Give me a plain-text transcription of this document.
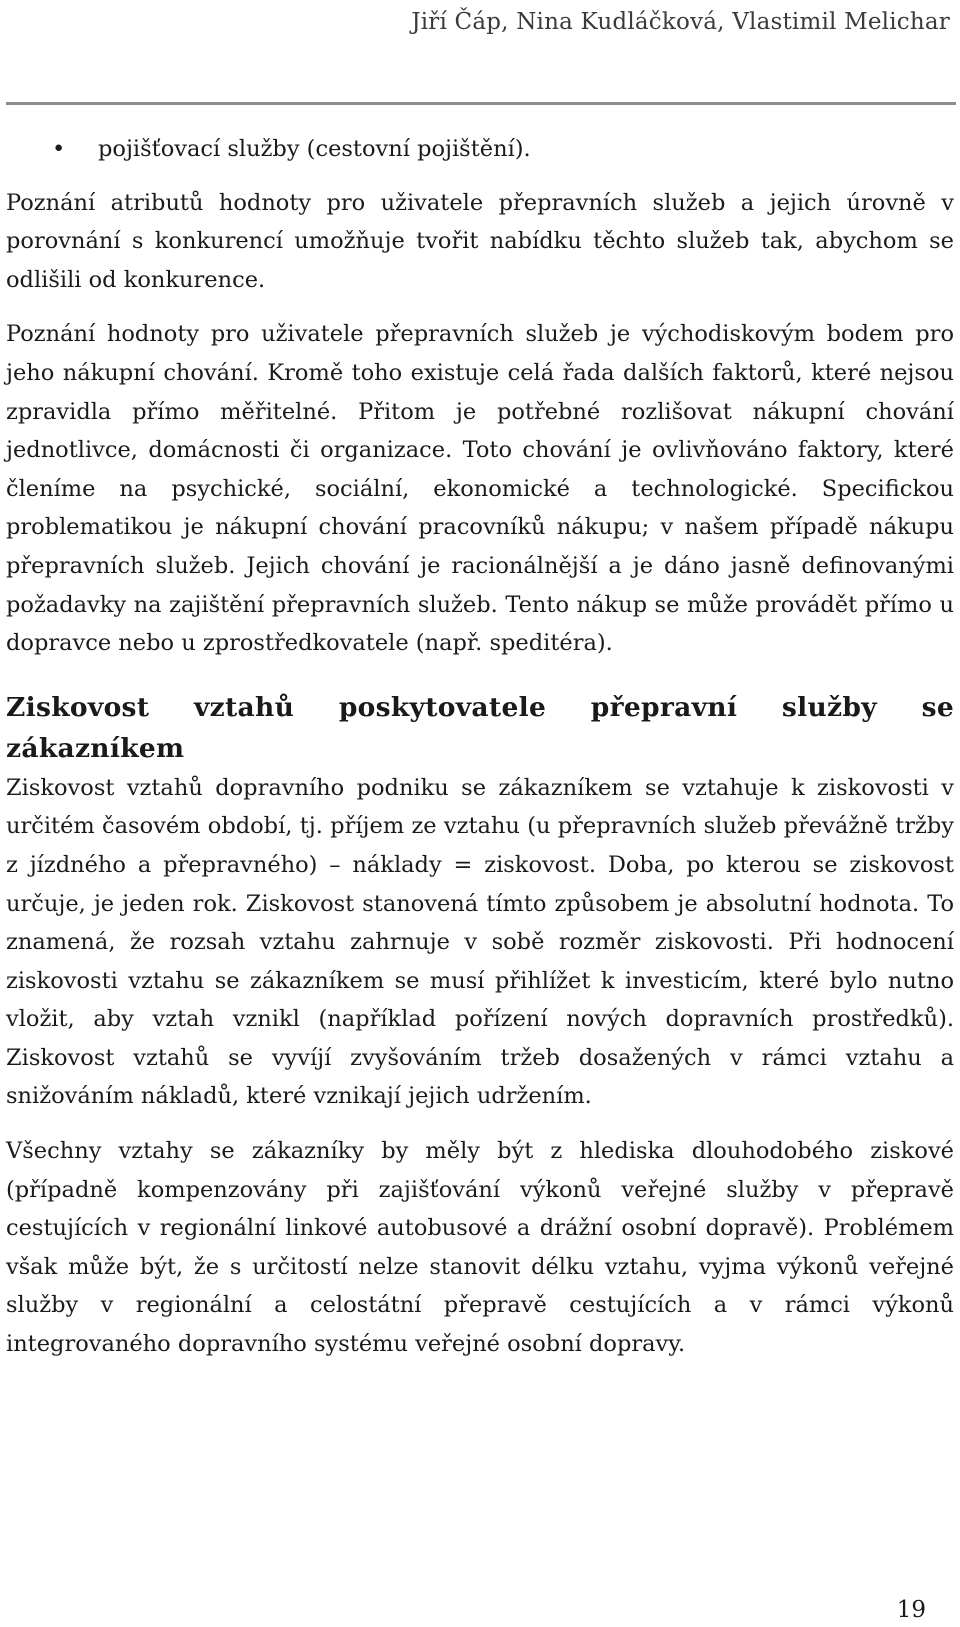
Jiří Čáp, Nina Kudláčková, Vlastimil Melichar
• pojišťovací služby (cestovní pojištění).

Poznání atributů hodnoty pro uživatele přepravních služeb a jejich úrovně v porovnání s konkurencí umožňuje tvořit nabídku těchto služeb tak, abychom se odlišili od konkurence.

Poznání hodnoty pro uživatele přepravních služeb je východiskovým bodem pro jeho nákupní chování. Kromě toho existuje celá řada dalších faktorů, které nejsou zpravidla přímo měřitelné. Přitom je potřebné rozlišovat nákupní chování jednotlivce, domácnosti či organizace. Toto chování je ovlivňováno faktory, které členíme na psychické, sociální, ekonomické a technologické. Specifickou problematikou je nákupní chování pracovníků nákupu; v našem případě nákupu přepravních služeb. Jejich chování je racionálnější a je dáno jasně definovanými požadavky na zajištění přepravních služeb. Tento nákup se může provádět přímo u dopravce nebo u zprostředkovatele (např. speditéra).

Ziskovost vztahů poskytovatele přepravní služby se zákazníkem

Ziskovost vztahů dopravního podniku se zákazníkem se vztahuje k ziskovosti v určitém časovém období, tj. příjem ze vztahu (u přepravních služeb převážně tržby z jízdného a přepravného) – náklady = ziskovost. Doba, po kterou se ziskovost určuje, je jeden rok. Ziskovost stanovená tímto způsobem je absolutní hodnota. To znamená, že rozsah vztahu zahrnuje v sobě rozměr ziskovosti. Při hodnocení ziskovosti vztahu se zákazníkem se musí přihlížet k investicím, které bylo nutno vložit, aby vztah vznikl (například pořízení nových dopravních prostředků). Ziskovost vztahů se vyvíjí zvyšováním tržeb dosažených v rámci vztahu a snižováním nákladů, které vznikají jejich udržením.

Všechny vztahy se zákazníky by měly být z hlediska dlouhodobého ziskové (případně kompenzovány při zajišťování výkonů veřejné služby v přepravě cestujících v regionální linkové autobusové a drážní osobní dopravě). Problémem však může být, že s určitostí nelze stanovit délku vztahu, vyjma výkonů veřejné služby v regionální a celostátní přepravě cestujících a v rámci výkonů integrovaného dopravního systému veřejné osobní dopravy.

19
